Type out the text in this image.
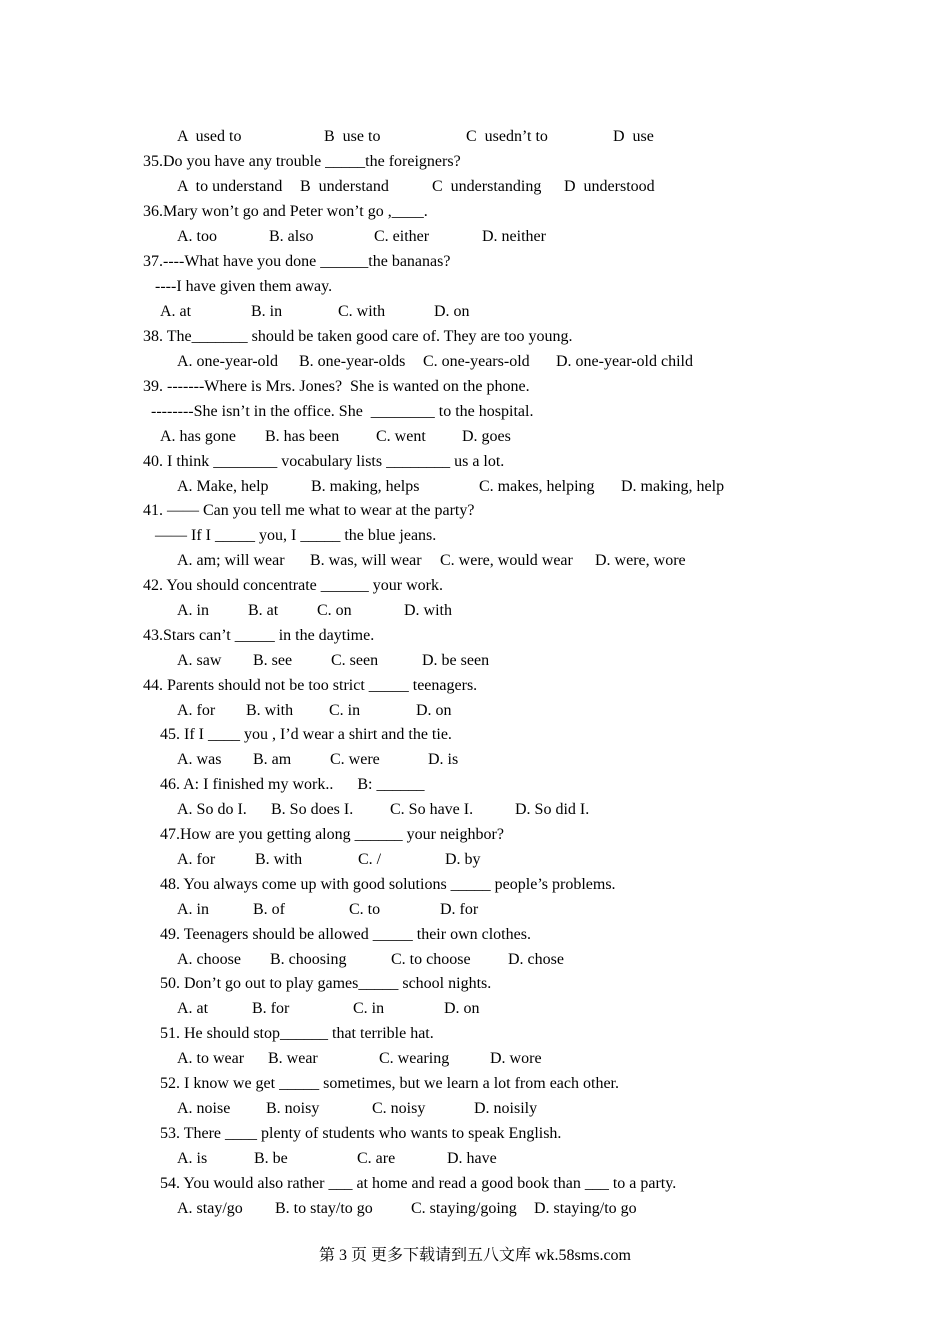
A  used to	B  use to	C  usedn’t to	D  use
35.Do you have any trouble _____the foreigners?
A  to understand B  understand	C  understanding D  understood
36.Mary won’t go and Peter won’t go ,____.
A. too	B. also	C. either	D. neither
37.----What have you done ______the bananas?
----I have given them away.
A. at	B. in	C. with	D. on
38. The_______ should be taken good care of. They are too young.
A. one-year-old B. one-year-olds C. one-years-old D. one-year-old child
39. -------Where is Mrs. Jones?  She is wanted on the phone.
--------She isn’t in the office. She  ________ to the hospital.
A. has gone B. has been C. went D. goes
40. I think ________ vocabulary lists ________ us a lot.
A. Make, help	B. making, helps	C. makes, helping D. making, help
41. —— Can you tell me what to wear at the party?
—— If I _____ you, I _____ the blue jeans.
A. am; will wear B. was, will wear C. were, would wear D. were, wore
42. You should concentrate ______ your work.
A. in B. at C. on	D. with
43.Stars can’t _____ in the daytime.
A. saw B. see C. seen	D. be seen
44. Parents should not be too strict _____ teenagers.
A. for B. with C. in	D. on
45. If I ____ you , I’d wear a shirt and the tie.
A. was B. am C. were	D. is
46. A: I finished my work..      B: ______
A. So do I. B. So does I. C. So have I.	D. So did I.
47.How are you getting along ______ your neighbor?
A. for B. with	C. /	D. by
48. You always come up with good solutions _____ people’s problems.
A. in	B. of	C. to	D. for
49. Teenagers should be allowed _____ their own clothes.
A. choose B. choosing	C. to choose D. chose
50. Don’t go out to play games_____ school nights.
A. at	B. for	C. in	D. on
51. He should stop______ that terrible hat.
A. to wear B. wear	C. wearing	D. wore
52. I know we get _____ sometimes, but we learn a lot from each other.
A. noise B. noisy	C. noisy	D. noisily
53. There ____ plenty of students who wants to speak English.
A. is	B. be	C. are	D. have
54. You would also rather ___ at home and read a good book than ___ to a party.
A. stay/go B. to stay/to go C. staying/going D. staying/to go
第 3 页 更多下载请到五八文库 wk.58sms.com
